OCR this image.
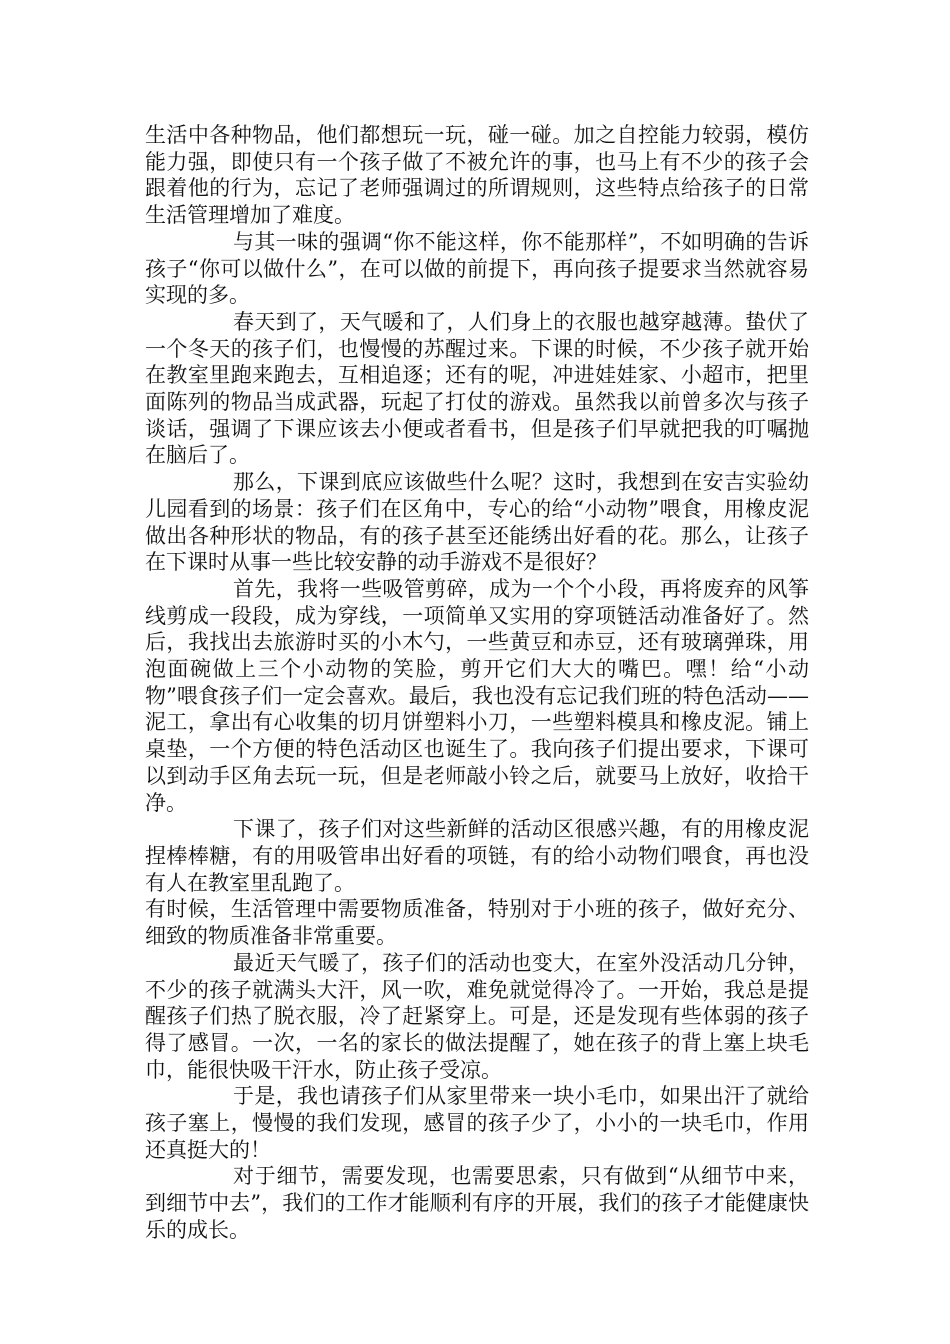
生活中各种物品，他们都想玩一玩，碰一碰。加之自控能力较弱，模仿能力强，即使只有一个孩子做了不被允许的事，也马上有不少的孩子会跟着他的行为，忘记了老师强调过的所谓规则，这些特点给孩子的日常生活管理增加了难度。

与其一味的强调“你不能这样，你不能那样”，不如明确的告诉孩子“你可以做什么”，在可以做的前提下，再向孩子提要求当然就容易实现的多。

春天到了，天气暖和了，人们身上的衣服也越穿越薄。蛰伏了一个冬天的孩子们，也慢慢的苏醒过来。下课的时候，不少孩子就开始在教室里跑来跑去，互相追逐；还有的呢，冲进娃娃家、小超市，把里面陈列的物品当成武器，玩起了打仗的游戏。虽然我以前曾多次与孩子谈话，强调了下课应该去小便或者看书，但是孩子们早就把我的叮嘱抛在脑后了。

那么，下课到底应该做些什么呢？这时，我想到在安吉实验幼儿园看到的场景：孩子们在区角中，专心的给“小动物”喂食，用橡皮泥做出各种形状的物品，有的孩子甚至还能绣出好看的花。那么，让孩子在下课时从事一些比较安静的动手游戏不是很好？

首先，我将一些吸管剪碎，成为一个个小段，再将废弃的风筝线剪成一段段，成为穿线，一项简单又实用的穿项链活动准备好了。然后，我找出去旅游时买的小木勺，一些黄豆和赤豆，还有玻璃弹珠，用泡面碗做上三个小动物的笑脸，剪开它们大大的嘴巴。嘿！给“小动物”喂食孩子们一定会喜欢。最后，我也没有忘记我们班的特色活动——泥工，拿出有心收集的切月饼塑料小刀，一些塑料模具和橡皮泥。铺上桌垫，一个方便的特色活动区也诞生了。我向孩子们提出要求，下课可以到动手区角去玩一玩，但是老师敲小铃之后，就要马上放好，收拾干净。

下课了，孩子们对这些新鲜的活动区很感兴趣，有的用橡皮泥捏棒棒糖，有的用吸管串出好看的项链，有的给小动物们喂食，再也没有人在教室里乱跑了。

有时候，生活管理中需要物质准备，特别对于小班的孩子，做好充分、细致的物质准备非常重要。

最近天气暖了，孩子们的活动也变大，在室外没活动几分钟，不少的孩子就满头大汗，风一吹，难免就觉得冷了。一开始，我总是提醒孩子们热了脱衣服，冷了赶紧穿上。可是，还是发现有些体弱的孩子得了感冒。一次，一名的家长的做法提醒了，她在孩子的背上塞上块毛巾，能很快吸干汗水，防止孩子受凉。

于是，我也请孩子们从家里带来一块小毛巾，如果出汗了就给孩子塞上，慢慢的我们发现，感冒的孩子少了，小小的一块毛巾，作用还真挺大的！

对于细节，需要发现，也需要思索，只有做到“从细节中来，到细节中去”，我们的工作才能顺利有序的开展，我们的孩子才能健康快乐的成长。
